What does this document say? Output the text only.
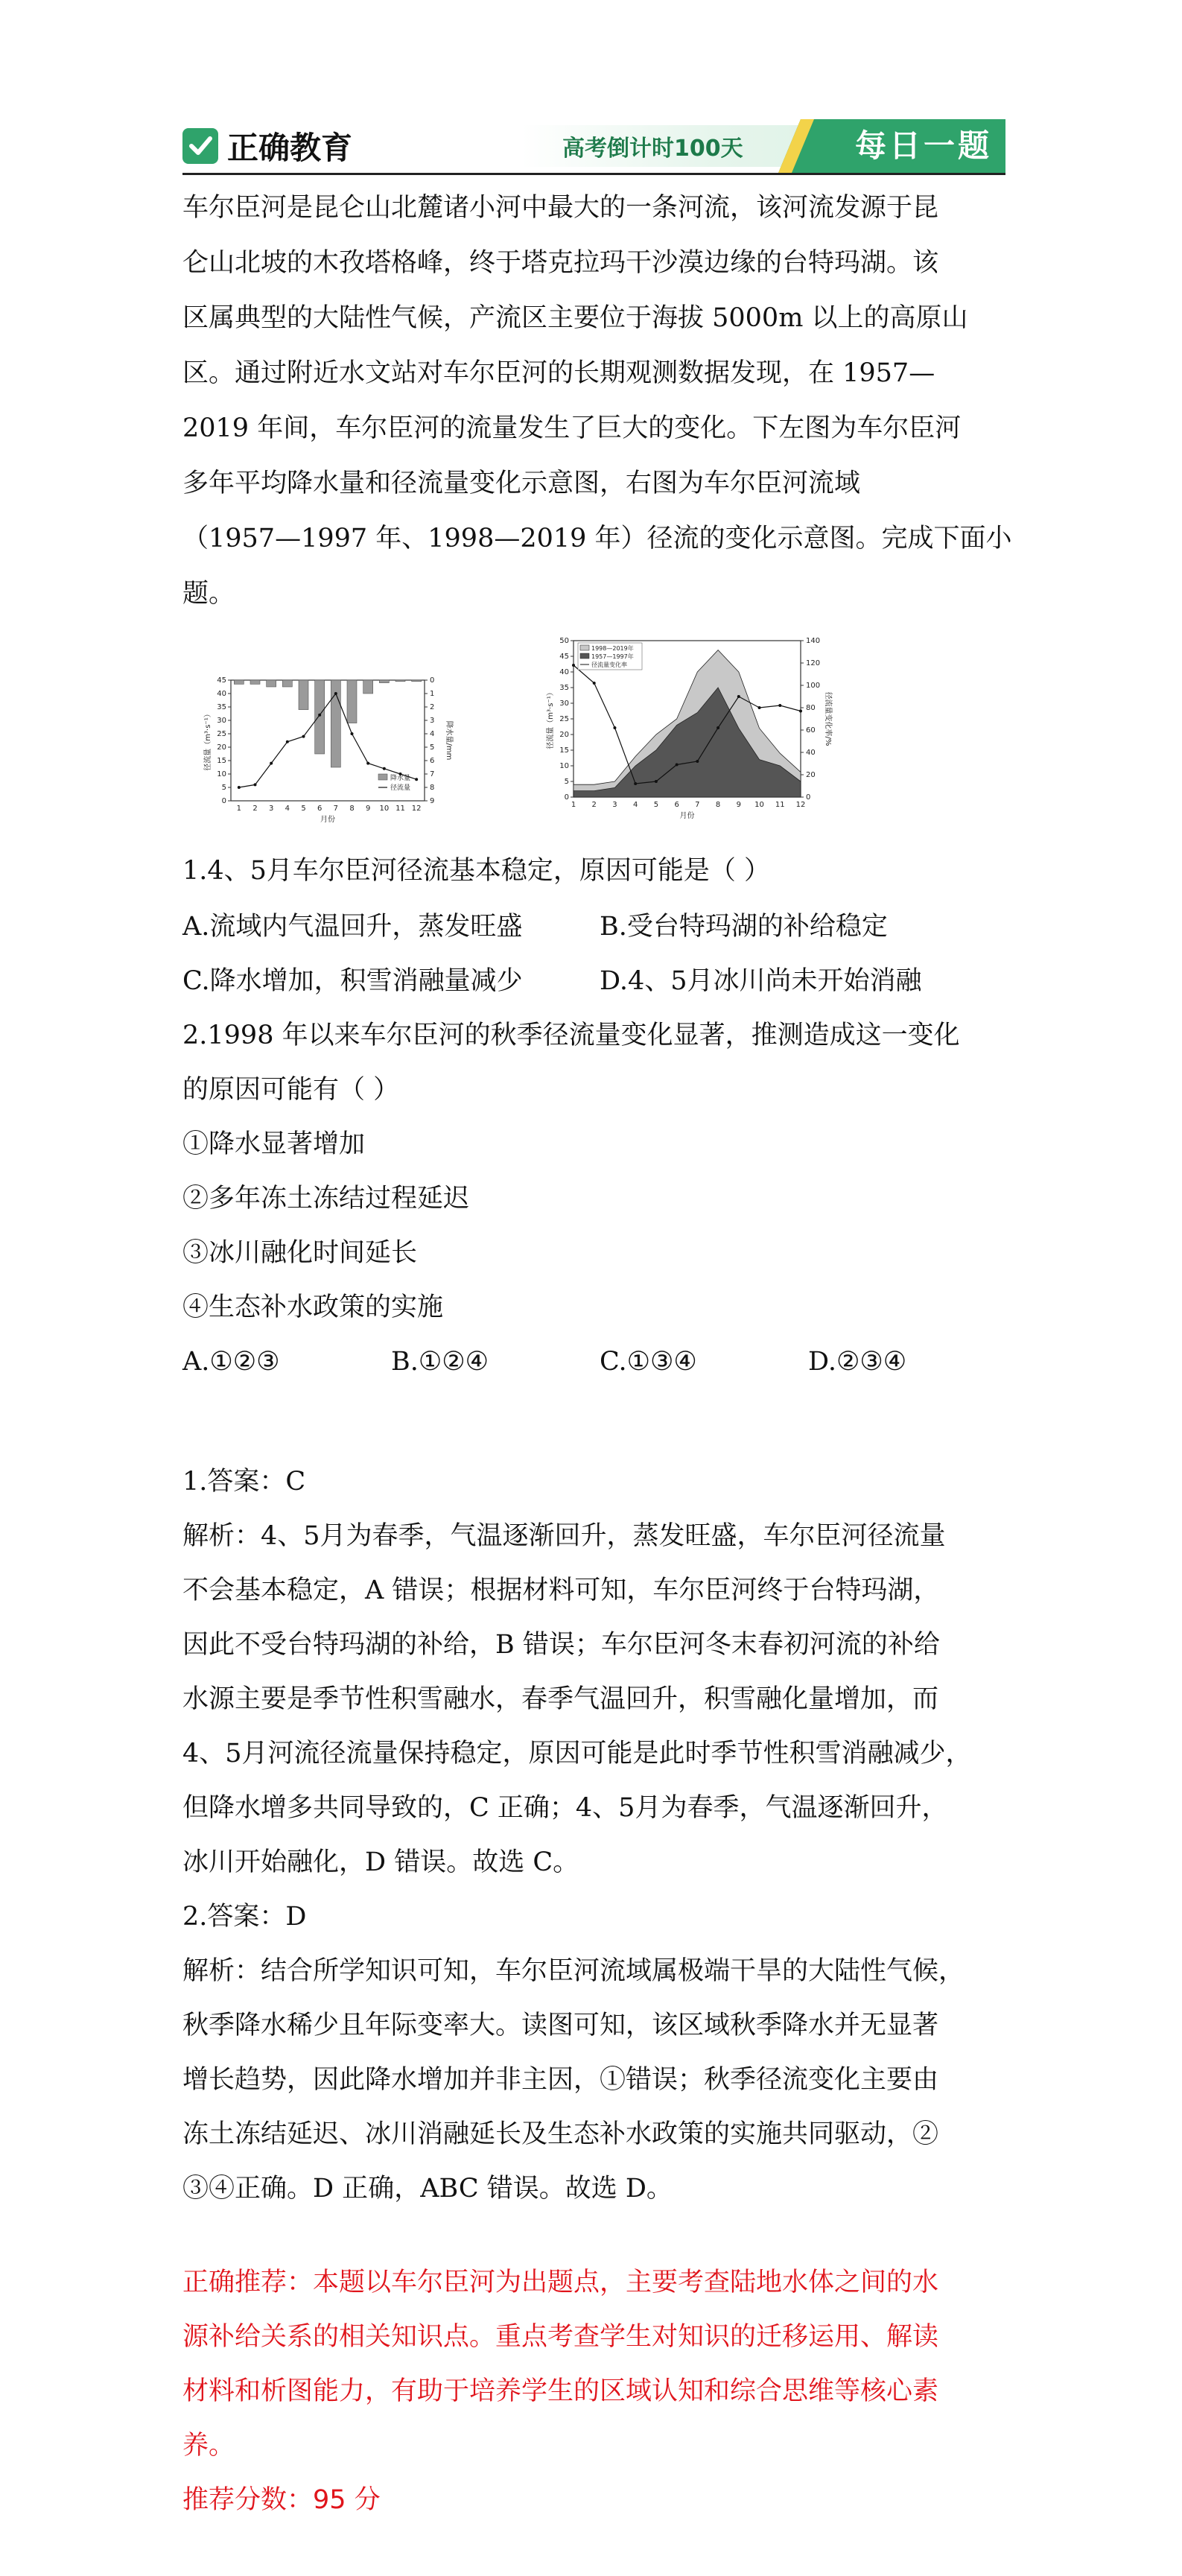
正确教育	高考倒计时100天	每日一题
车尔臣河是昆仑山北麓诸小河中最大的一条河流，该河流发源于昆
仑山北坡的木孜塔格峰，终于塔克拉玛干沙漠边缘的台特玛湖。该
区属典型的大陆性气候，产流区主要位于海拔 5000m 以上的高原山
区。通过附近水文站对车尔臣河的长期观测数据发现，在 1957—
2019 年间，车尔臣河的流量发生了巨大的变化。下左图为车尔臣河
多年平均降水量和径流量变化示意图，右图为车尔臣河流域
（1957—1997 年、1998—2019 年）径流的变化示意图。完成下面小
题。
45
40
35
30
25
20
15
10
5
0
0
1
2
3
4
5
6
7
8
9
1 2 3 4 5 6 7 8 9 10 11 12
月份
径流量（m³·s⁻¹）	降水量/mm
降水量
径流量
50
45
40
35
30
25
20
15
10
5
0
140
120
100
80
60
40
20
0
1 2 3 4 5 6 7 8 9 10 11 12
月份
径流量（m³·s⁻¹）	径流量变化率/%
1998—2019年
1957—1997年
径流量变化率
1.4、5月车尔臣河径流基本稳定，原因可能是（ ）
A.流域内气温回升，蒸发旺盛	B.受台特玛湖的补给稳定
C.降水增加，积雪消融量减少	D.4、5月冰川尚未开始消融
2.1998 年以来车尔臣河的秋季径流量变化显著，推测造成这一变化
的原因可能有（ ）
①降水显著增加
②多年冻土冻结过程延迟
③冰川融化时间延长
④生态补水政策的实施
A.①②③	B.①②④	C.①③④	D.②③④
1.答案：C
解析：4、5月为春季，气温逐渐回升，蒸发旺盛，车尔臣河径流量
不会基本稳定，A 错误；根据材料可知，车尔臣河终于台特玛湖，
因此不受台特玛湖的补给，B 错误；车尔臣河冬末春初河流的补给
水源主要是季节性积雪融水，春季气温回升，积雪融化量增加，而
4、5月河流径流量保持稳定，原因可能是此时季节性积雪消融减少，
但降水增多共同导致的，C 正确；4、5月为春季，气温逐渐回升，
冰川开始融化，D 错误。故选 C。
2.答案：D
解析：结合所学知识可知，车尔臣河流域属极端干旱的大陆性气候，
秋季降水稀少且年际变率大。读图可知，该区域秋季降水并无显著
增长趋势，因此降水增加并非主因，①错误；秋季径流变化主要由
冻土冻结延迟、冰川消融延长及生态补水政策的实施共同驱动，②
③④正确。D 正确，ABC 错误。故选 D。
正确推荐：本题以车尔臣河为出题点，主要考查陆地水体之间的水
源补给关系的相关知识点。重点考查学生对知识的迁移运用、解读
材料和析图能力，有助于培养学生的区域认知和综合思维等核心素
养。
推荐分数：95 分
